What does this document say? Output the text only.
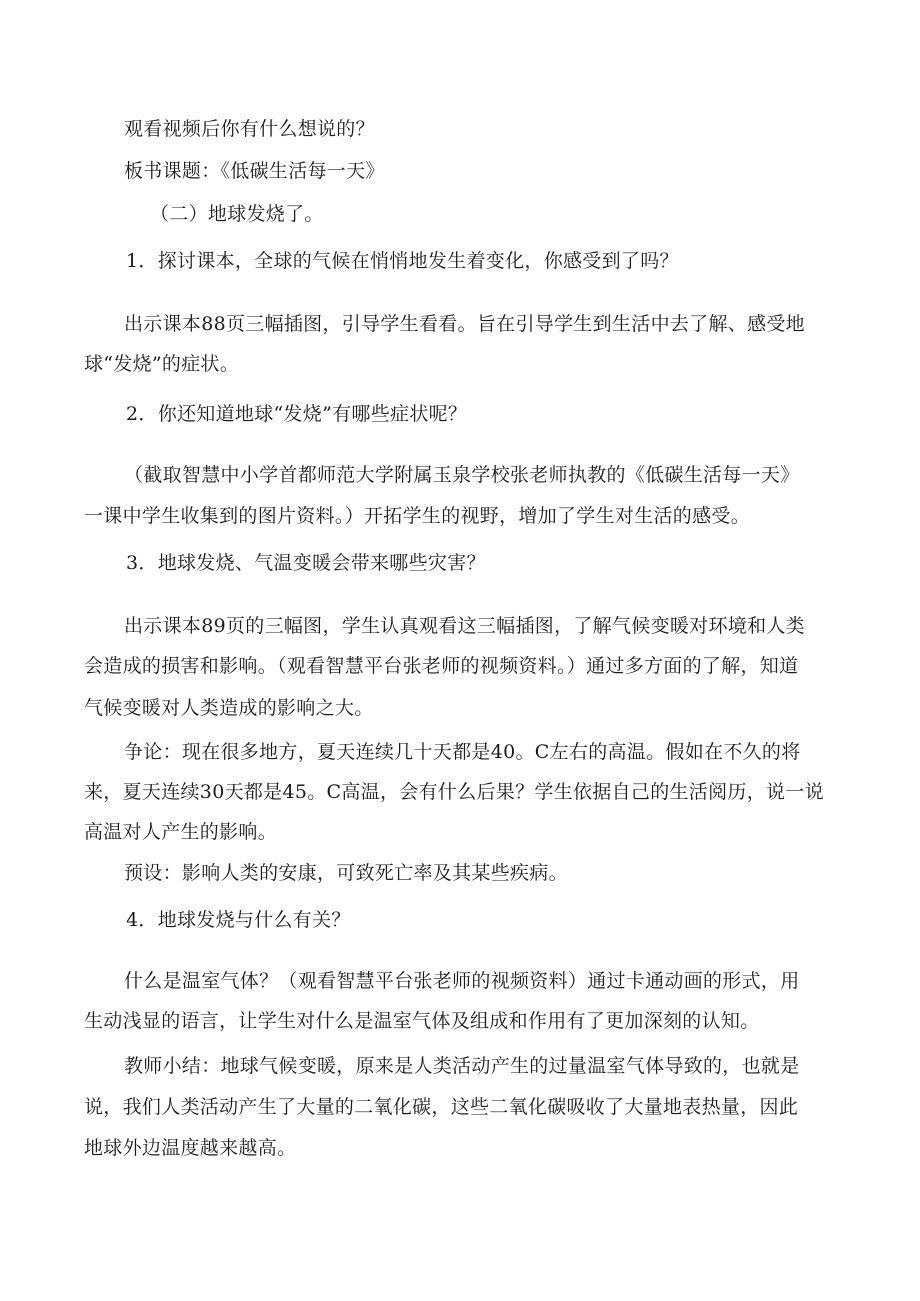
观看视频后你有什么想说的？
板书课题：《低碳生活每一天》
（二）地球发烧了。
1．探讨课本，全球的气候在悄悄地发生着变化，你感受到了吗？
出示课本88页三幅插图，引导学生看看。旨在引导学生到生活中去了解、感受地
球“发烧”的症状。
2．你还知道地球“发烧”有哪些症状呢？
（截取智慧中小学首都师范大学附属玉泉学校张老师执教的《低碳生活每一天》
一课中学生收集到的图片资料。）开拓学生的视野，增加了学生对生活的感受。
3．地球发烧、气温变暖会带来哪些灾害？
出示课本89页的三幅图，学生认真观看这三幅插图，了解气候变暖对环境和人类
会造成的损害和影响。（观看智慧平台张老师的视频资料。）通过多方面的了解，知道
气候变暖对人类造成的影响之大。
争论：现在很多地方，夏天连续几十天都是40。C左右的高温。假如在不久的将
来，夏天连续30天都是45。C高温，会有什么后果？学生依据自己的生活阅历，说一说
高温对人产生的影响。
预设：影响人类的安康，可致死亡率及其某些疾病。
4．地球发烧与什么有关？
什么是温室气体？（观看智慧平台张老师的视频资料）通过卡通动画的形式，用
生动浅显的语言，让学生对什么是温室气体及组成和作用有了更加深刻的认知。
教师小结：地球气候变暖，原来是人类活动产生的过量温室气体导致的，也就是
说，我们人类活动产生了大量的二氧化碳，这些二氧化碳吸收了大量地表热量，因此
地球外边温度越来越高。
